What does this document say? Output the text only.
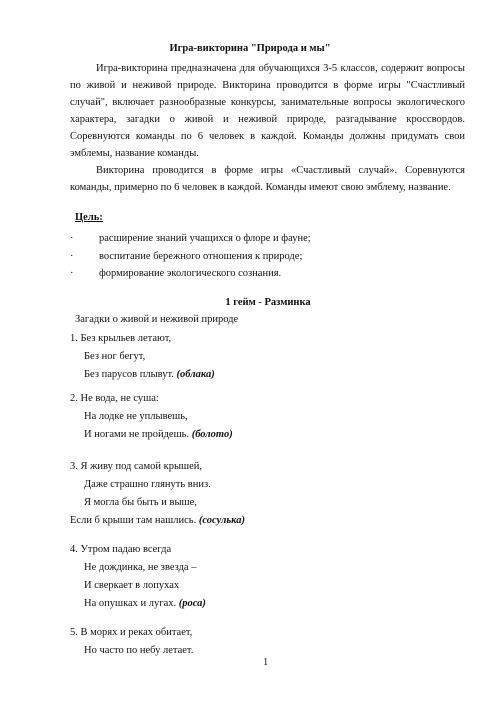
Игра-викторина "Природа и мы"
Игра-викторина предназначена для обучающихся 3-5 классов, содержит вопросы по живой и неживой природе. Викторина проводится в форме игры "Счастливый случай", включает разнообразные конкурсы, занимательные вопросы экологического характера, загадки о живой и неживой природе, разгадывание кроссвордов. Соревнуются команды по 6 человек в каждой. Команды должны придумать свои эмблемы, название команды.
Викторина проводится в форме игры «Счастливый случай». Соревнуются команды, примерно по 6 человек в каждой. Команды имеют свою эмблему, название.
Цель:
· расширение знаний учащихся о флоре и фауне;
· воспитание бережного отношения к природе;
· формирование экологического сознания.
1 гейм - Разминка
Загадки о живой и неживой природе
1. Без крыльев летают,
Без ног бегут,
Без парусов плывут. (облака)
2. Не вода, не суша:
На лодке не уплывешь,
И ногами не пройдешь. (болото)
3. Я живу под самой крышей,
Даже страшно глянуть вниз.
Я могла бы быть и выше,
Если б крыши там нашлись. (сосулька)
4. Утром падаю всегда
Не дождинка, не звезда –
И сверкает в лопухах
На опушках и лугах. (роса)
5. В морях и реках обитает,
Но часто по небу летает.
1
